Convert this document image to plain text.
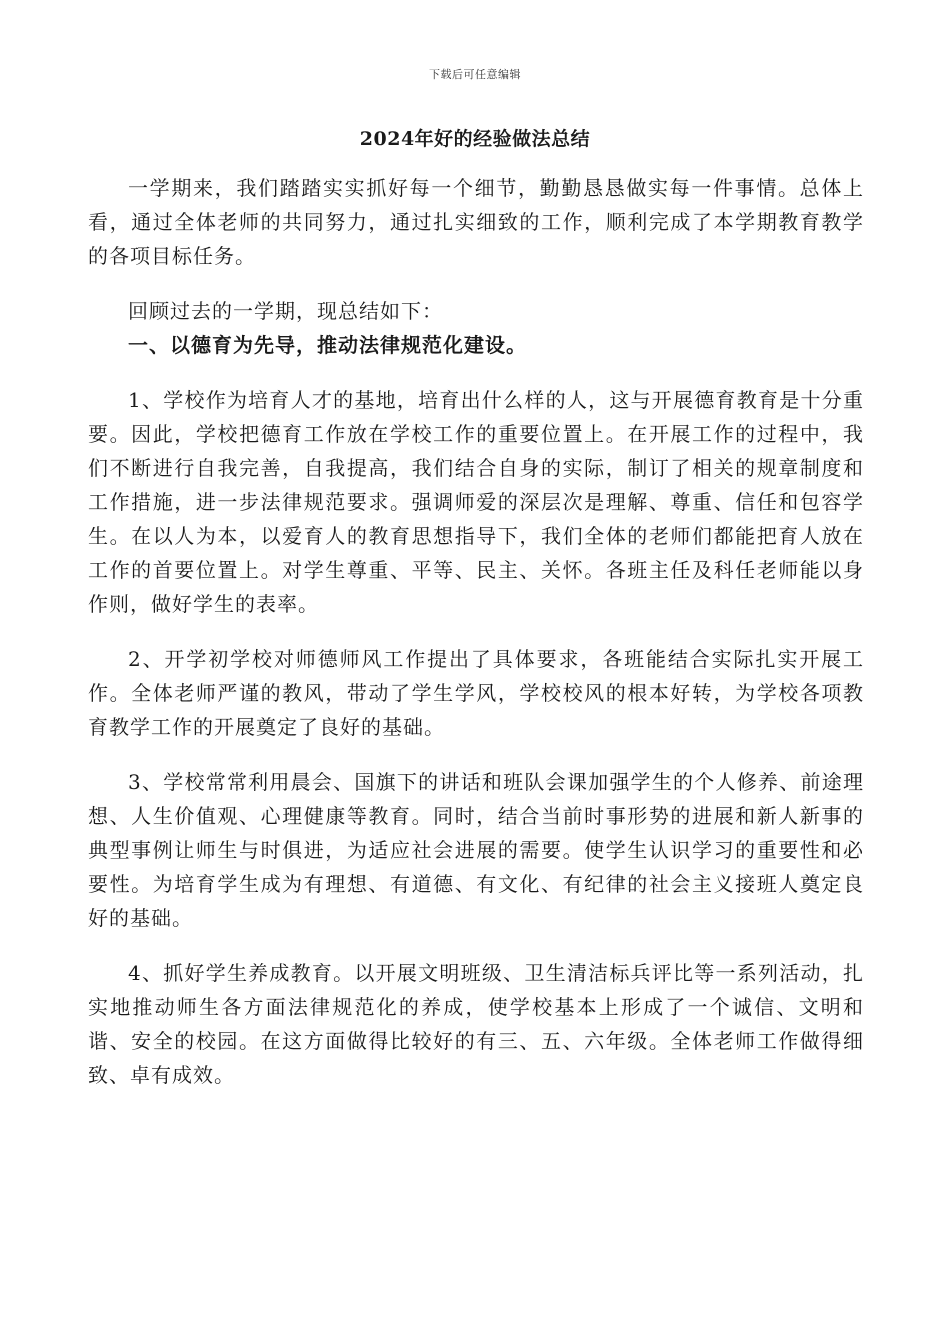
下载后可任意编辑
2024年好的经验做法总结

一学期来，我们踏踏实实抓好每一个细节，勤勤恳恳做实每一件事情。总体上看，通过全体老师的共同努力，通过扎实细致的工作，顺利完成了本学期教育教学的各项目标任务。

回顾过去的一学期，现总结如下：

一、以德育为先导，推动法律规范化建设。

1、学校作为培育人才的基地，培育出什么样的人，这与开展德育教育是十分重要。因此，学校把德育工作放在学校工作的重要位置上。在开展工作的过程中，我们不断进行自我完善，自我提高，我们结合自身的实际，制订了相关的规章制度和工作措施，进一步法律规范要求。强调师爱的深层次是理解、尊重、信任和包容学生。在以人为本，以爱育人的教育思想指导下，我们全体的老师们都能把育人放在工作的首要位置上。对学生尊重、平等、民主、关怀。各班主任及科任老师能以身作则，做好学生的表率。

2、开学初学校对师德师风工作提出了具体要求，各班能结合实际扎实开展工作。全体老师严谨的教风，带动了学生学风，学校校风的根本好转，为学校各项教育教学工作的开展奠定了良好的基础。

3、学校常常利用晨会、国旗下的讲话和班队会课加强学生的个人修养、前途理想、人生价值观、心理健康等教育。同时，结合当前时事形势的进展和新人新事的典型事例让师生与时俱进，为适应社会进展的需要。使学生认识学习的重要性和必要性。为培育学生成为有理想、有道德、有文化、有纪律的社会主义接班人奠定良好的基础。

4、抓好学生养成教育。以开展文明班级、卫生清洁标兵评比等一系列活动，扎实地推动师生各方面法律规范化的养成，使学校基本上形成了一个诚信、文明和谐、安全的校园。在这方面做得比较好的有三、五、六年级。全体老师工作做得细致、卓有成效。
